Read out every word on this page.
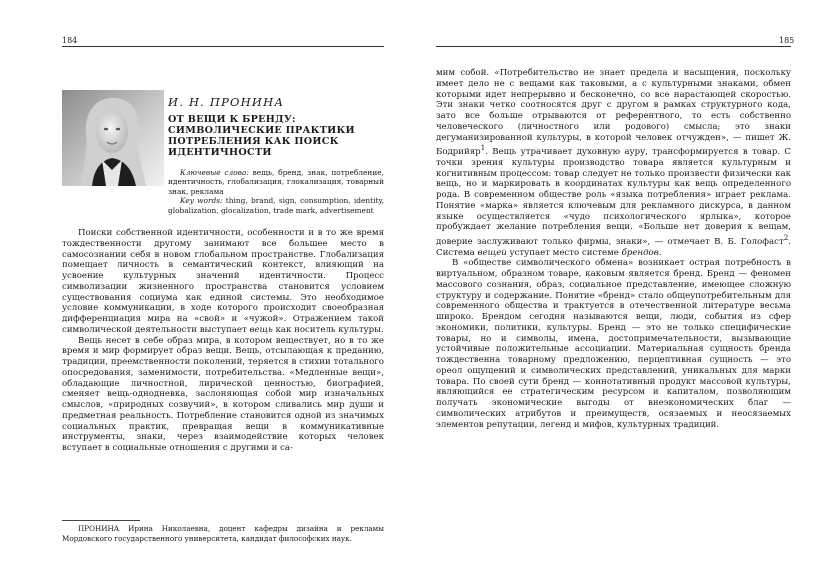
184
И. Н. ПРОНИНА
ОТ ВЕЩИ К БРЕНДУ: СИМВОЛИЧЕСКИЕ ПРАКТИКИ ПОТРЕБЛЕНИЯ КАК ПОИСК ИДЕНТИЧНОСТИ

Ключевые слова: вещь, бренд, знак, потребление, идентичность, глобализация, глокализация, товарный знак, реклама

Key words: thing, brand, sign, consumption, identity, globalization, glocalization, trade mark, advertisement

Поиски собственной идентичности, особенности и в то же время тождественности другому занимают все большее место в самосознании себя в новом глобальном пространстве. Глобализация помещает личность в семантический контекст, влияющий на усвоение культурных значений идентичности. Процесс символизации жизненного пространства становится условием существования социума как единой системы. Это необходимое условие коммуникации, в ходе которого происходит своеобразная дифференциация мира на «свой» и «чужой». Отражением такой символической деятельности выступает вещь как носитель культуры.

Вещь несет в себе образ мира, в котором веществует, но в то же время и мир формирует образ вещи. Вещь, отсылающая к преданию, традиции, преемственности поколений, теряется в стихии тотального опосредования, заменимости, потребительства. «Медленные вещи», обладающие личностной, лирической ценностью, биографией, сменяет вещь-однодневка, заслоняющая собой мир изначальных смыслов, «природных созвучий», в котором сливались мир души и предметная реальность. Потребление становится одной из значимых социальных практик, превращая вещи в коммуникативные инструменты, знаки, через взаимодействие которых человек вступает в социальные отношения с другими и са-

ПРОНИНА Ирина Николаевна, доцент кафедры дизайна и рекламы Мордовского государственного университета, кандидат философских наук.
185

мим собой. «Потребительство не знает предела и насыщения, поскольку имеет дело не с вещами как таковыми, а с культурными знаками, обмен которыми идет непрерывно и бесконечно, со все нарастающей скоростью. Эти знаки четко соотносятся друг с другом в рамках структурного кода, зато все больше отрываются от референтного, то есть собственно человеческого (личностного или родового) смысла; это знаки дегуманизированной культуры, в которой человек отчужден», — пишет Ж. Бодрийяр$^1$. Вещь утрачивает духовную ауру, трансформируется в товар. С точки зрения культуры производство товара является культурным и когнитивным процессом: товар следует не только произвести физически как вещь, но и маркировать в координатах культуры как вещь определенного рода. В современном обществе роль «языка потребления» играет реклама. Понятие «марка» является ключевым для рекламного дискурса, в данном языке осуществляется «чудо психологического ярлыка», которое пробуждает желание потребления вещи. «Больше нет доверия к вещам, доверие заслуживают только фирмы, знаки», — отмечает В. Б. Голофаст$^2$. Система вещей уступает место системе брендов.

В «обществе символического обмена» возникает острая потребность в виртуальном, образном товаре, каковым является бренд. Бренд — феномен массового сознания, образ, социальное представление, имеющее сложную структуру и содержание. Понятие «бренд» стало общеупотребительным для современного общества и трактуется в отечественной литературе весьма широко. Брендом сегодня называются вещи, люди, события из сфер экономики, политики, культуры. Бренд — это не только специфические товары, но и символы, имена, достопримечательности, вызывающие устойчивые положительные ассоциации. Материальная сущность бренда тождественна товарному предложению, перцептивная сущность — это ореол ощущений и символических представлений, уникальных для марки товара. По своей сути бренд — коннотативный продукт массовой культуры, являющийся ее стратегическим ресурсом и капиталом, позволяющим получать экономические выгоды от внеэкономических благ — символических атрибутов и преимуществ, осязаемых и неосязаемых элементов репутации, легенд и мифов, культурных традиций.
